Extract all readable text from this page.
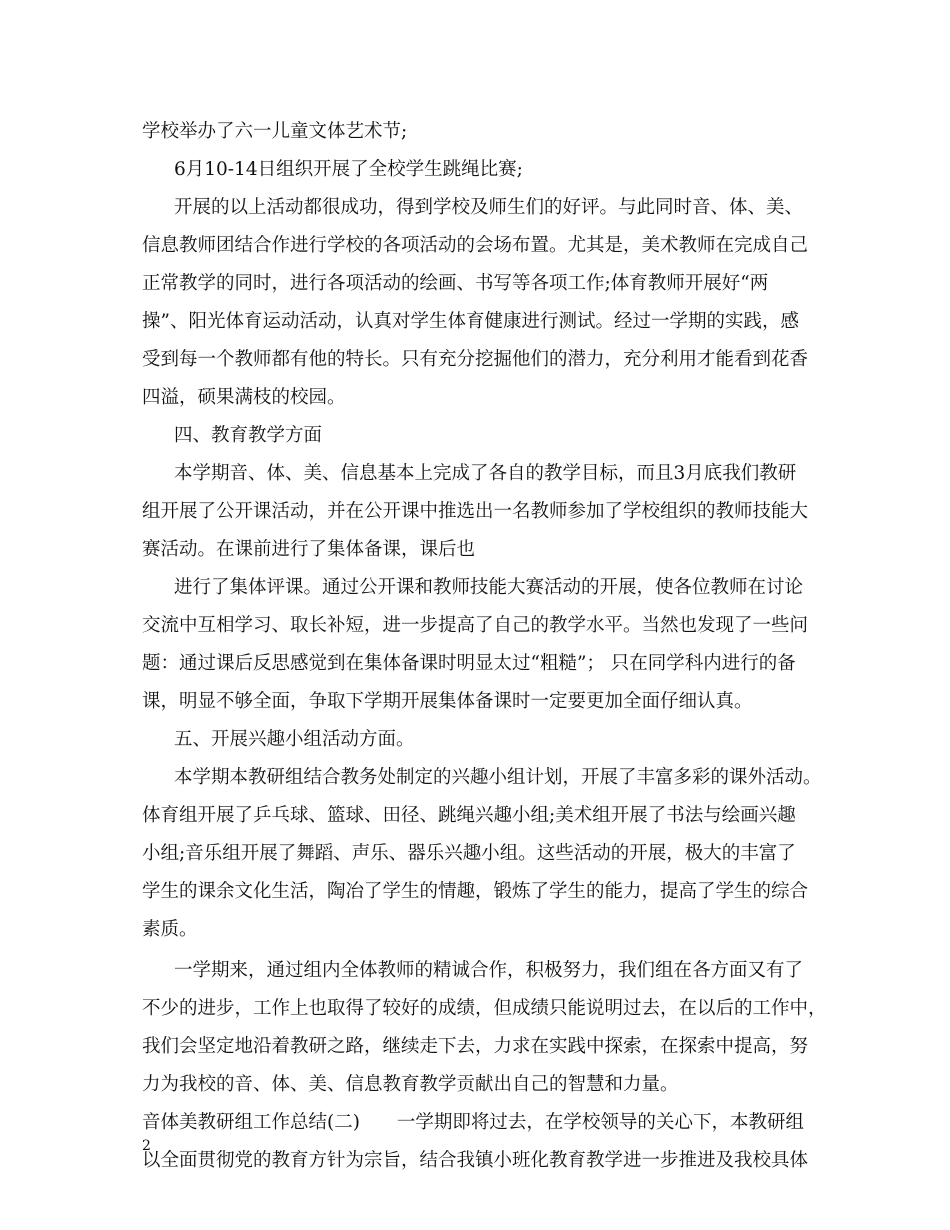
学校举办了六一儿童文体艺术节;
6月10-14日组织开展了全校学生跳绳比赛;
开展的以上活动都很成功，得到学校及师生们的好评。与此同时音、体、美、
信息教师团结合作进行学校的各项活动的会场布置。尤其是，美术教师在完成自己
正常教学的同时，进行各项活动的绘画、书写等各项工作;体育教师开展好“两
操”、阳光体育运动活动，认真对学生体育健康进行测试。经过一学期的实践，感
受到每一个教师都有他的特长。只有充分挖掘他们的潜力，充分利用才能看到花香
四溢，硕果满枝的校园。
四、教育教学方面
本学期音、体、美、信息基本上完成了各自的教学目标，而且3月底我们教研
组开展了公开课活动，并在公开课中推选出一名教师参加了学校组织的教师技能大
赛活动。在课前进行了集体备课，课后也
进行了集体评课。通过公开课和教师技能大赛活动的开展，使各位教师在讨论
交流中互相学习、取长补短，进一步提高了自己的教学水平。当然也发现了一些问
题：通过课后反思感觉到在集体备课时明显太过“粗糙”； 只在同学科内进行的备
课，明显不够全面，争取下学期开展集体备课时一定要更加全面仔细认真。
五、开展兴趣小组活动方面。
本学期本教研组结合教务处制定的兴趣小组计划，开展了丰富多彩的课外活动。
体育组开展了乒乓球、篮球、田径、跳绳兴趣小组;美术组开展了书法与绘画兴趣
小组;音乐组开展了舞蹈、声乐、器乐兴趣小组。这些活动的开展，极大的丰富了
学生的课余文化生活，陶冶了学生的情趣，锻炼了学生的能力，提高了学生的综合
素质。
一学期来，通过组内全体教师的精诚合作，积极努力，我们组在各方面又有了
不少的进步，工作上也取得了较好的成绩，但成绩只能说明过去，在以后的工作中，
我们会坚定地沿着教研之路，继续走下去，力求在实践中探索，在探索中提高，努
力为我校的音、体、美、信息教育教学贡献出自己的智慧和力量。
音体美教研组工作总结(二)　　一学期即将过去，在学校领导的关心下，本教研组
以全面贯彻党的教育方针为宗旨，结合我镇小班化教育教学进一步推进及我校具体
2
